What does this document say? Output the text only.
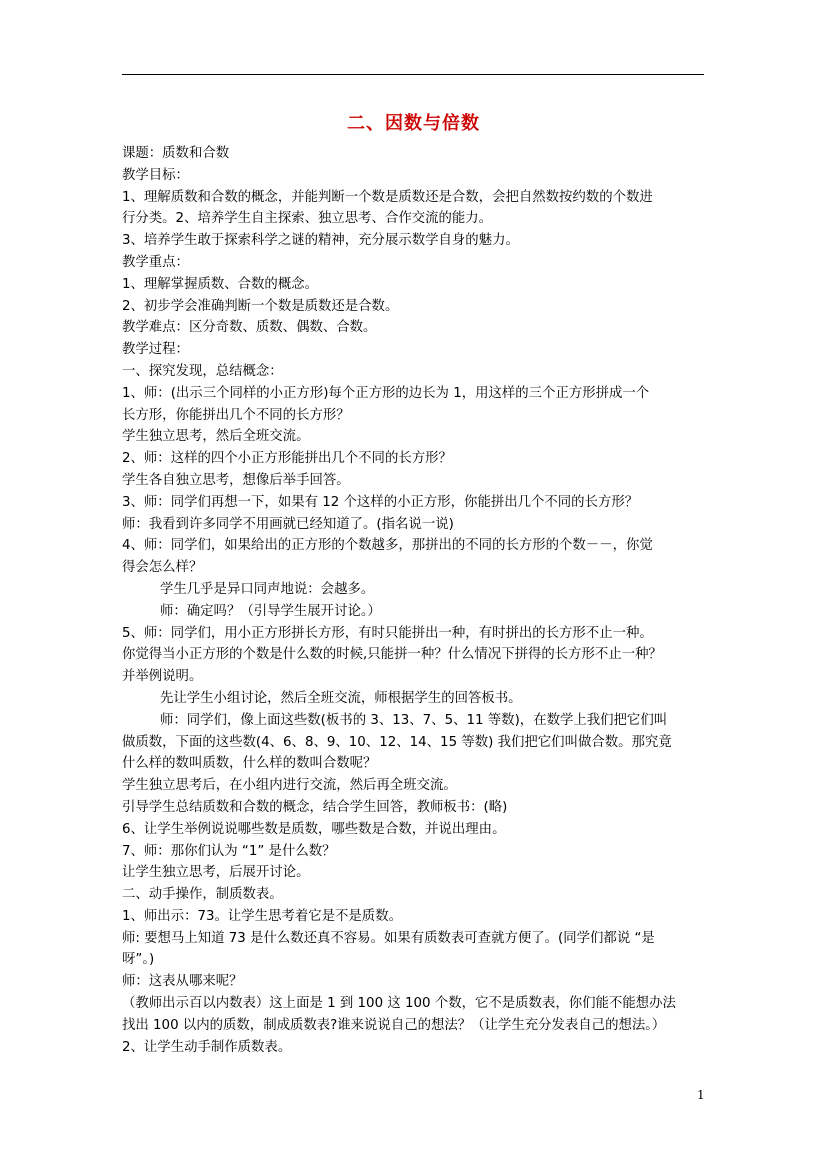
二、因数与倍数
课题：质数和合数
教学目标：
1、理解质数和合数的概念，并能判断一个数是质数还是合数，会把自然数按约数的个数进
行分类。2、培养学生自主探索、独立思考、合作交流的能力。
3、培养学生敢于探索科学之谜的精神，充分展示数学自身的魅力。
教学重点：
1、理解掌握质数、合数的概念。
2、初步学会准确判断一个数是质数还是合数。
教学难点：区分奇数、质数、偶数、合数。
教学过程：
一、探究发现，总结概念：
1、师：(出示三个同样的小正方形)每个正方形的边长为 1，用这样的三个正方形拼成一个
长方形，你能拼出几个不同的长方形？
学生独立思考，然后全班交流。
2、师：这样的四个小正方形能拼出几个不同的长方形？
学生各自独立思考，想像后举手回答。
3、师：同学们再想一下，如果有 12 个这样的小正方形，你能拼出几个不同的长方形？
师：我看到许多同学不用画就已经知道了。(指名说一说)
4、师：同学们，如果给出的正方形的个数越多，那拼出的不同的长方形的个数－－，你觉
得会怎么样？
学生几乎是异口同声地说：会越多。
师：确定吗？（引导学生展开讨论。）
5、师：同学们，用小正方形拼长方形，有时只能拼出一种，有时拼出的长方形不止一种。
你觉得当小正方形的个数是什么数的时候,只能拼一种？什么情况下拼得的长方形不止一种？
并举例说明。
先让学生小组讨论，然后全班交流，师根据学生的回答板书。
师：同学们，像上面这些数(板书的 3、13、7、5、11 等数)，在数学上我们把它们叫
做质数，下面的这些数(4、6、8、9、10、12、14、15 等数) 我们把它们叫做合数。那究竟
什么样的数叫质数，什么样的数叫合数呢？
学生独立思考后，在小组内进行交流，然后再全班交流。
引导学生总结质数和合数的概念，结合学生回答，教师板书：(略)
6、让学生举例说说哪些数是质数，哪些数是合数，并说出理由。
7、师：那你们认为 “1” 是什么数？
让学生独立思考，后展开讨论。
二、动手操作，制质数表。
1、师出示：73。让学生思考着它是不是质数。
师: 要想马上知道 73 是什么数还真不容易。如果有质数表可查就方便了。(同学们都说 “是
呀”。)
师：这表从哪来呢？
（教师出示百以内数表）这上面是 1 到 100 这 100 个数，它不是质数表，你们能不能想办法
找出 100 以内的质数，制成质数表?谁来说说自己的想法？（让学生充分发表自己的想法。）
2、让学生动手制作质数表。
1
